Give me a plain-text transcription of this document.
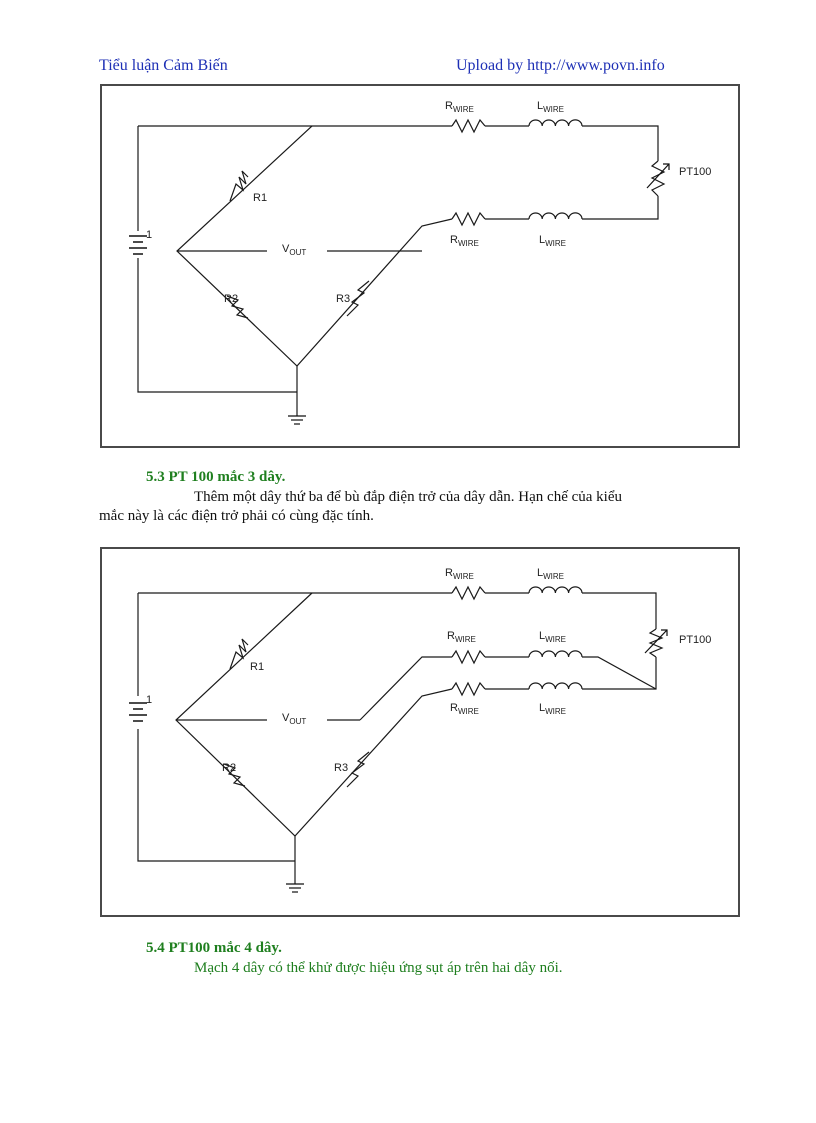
Tiểu luận Cảm Biến	Upload by http://www.povn.info
$R_{WIRE}$	$L_{WIRE}$
$R_{WIRE}$	$L_{WIRE}$
PT100
R1
R2	R3
$V_{OUT}$
1
5.3 PT 100 mắc 3 dây.
Thêm một dây thứ ba để bù đắp điện trở của dây dẫn. Hạn chế của kiểu
mắc này là các điện trở phải có cùng đặc tính.
$R_{WIRE}$	$L_{WIRE}$
$R_{WIRE}$	$L_{WIRE}$
$R_{WIRE}$	$L_{WIRE}$
PT100
R1
R2	R3
$V_{OUT}$
1
5.4 PT100 mắc 4 dây.
Mạch 4 dây có thể khử được hiệu ứng sụt áp trên hai dây nối.
